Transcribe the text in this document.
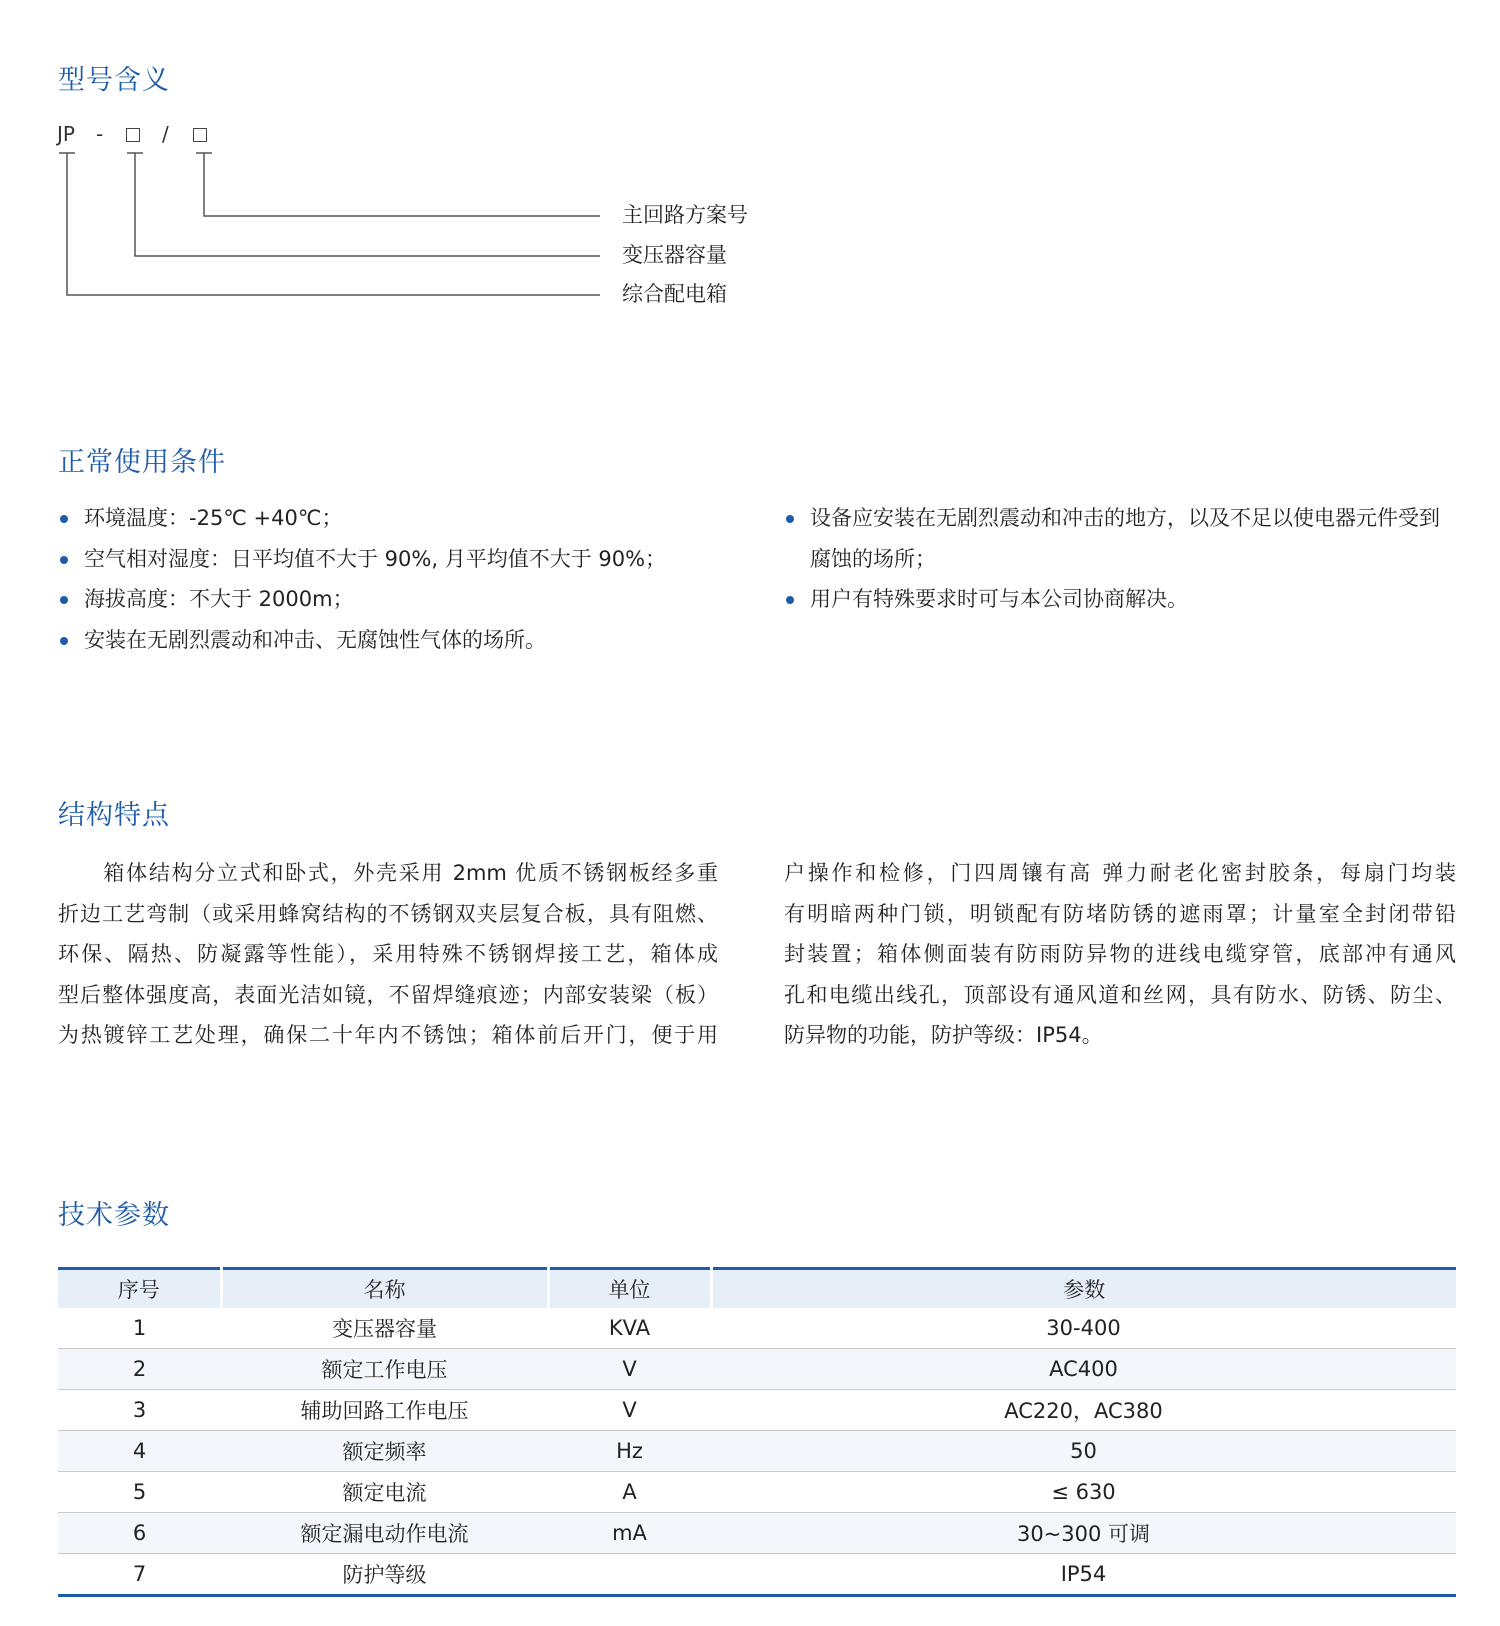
型号含义
JP -	/
主回路方案号
变压器容量
综合配电箱
正常使用条件
环境温度：-25℃ +40℃；
空气相对湿度：日平均值不大于 90%, 月平均值不大于 90%；
海拔高度：不大于 2000m；
安装在无剧烈震动和冲击、无腐蚀性气体的场所。
设备应安装在无剧烈震动和冲击的地方，以及不足以使电器元件受到腐蚀的场所；
用户有特殊要求时可与本公司协商解决。
结构特点

　　箱体结构分立式和卧式，外壳采用 2mm 优质不锈钢板经多重
折边工艺弯制（或采用蜂窝结构的不锈钢双夹层复合板，具有阻燃、
环保、隔热、防凝露等性能），采用特殊不锈钢焊接工艺，箱体成
型后整体强度高，表面光洁如镜，不留焊缝痕迹；内部安装梁（板）
为热镀锌工艺处理，确保二十年内不锈蚀；箱体前后开门，便于用

户操作和检修，门四周镶有高 弹力耐老化密封胶条，每扇门均装
有明暗两种门锁，明锁配有防堵防锈的遮雨罩；计量室全封闭带铅
封装置；箱体侧面装有防雨防异物的进线电缆穿管，底部冲有通风
孔和电缆出线孔，顶部设有通风道和丝网，具有防水、防锈、防尘、
防异物的功能，防护等级：IP54。

技术参数
序号	名称	单位	参数
1	变压器容量	KVA	30-400
2	额定工作电压	V	AC400
3	辅助回路工作电压	V	AC220，AC380
4	额定频率	Hz	50
5	额定电流	A	≤ 630
6	额定漏电动作电流	mA	30~300 可调
7	防护等级		IP54
